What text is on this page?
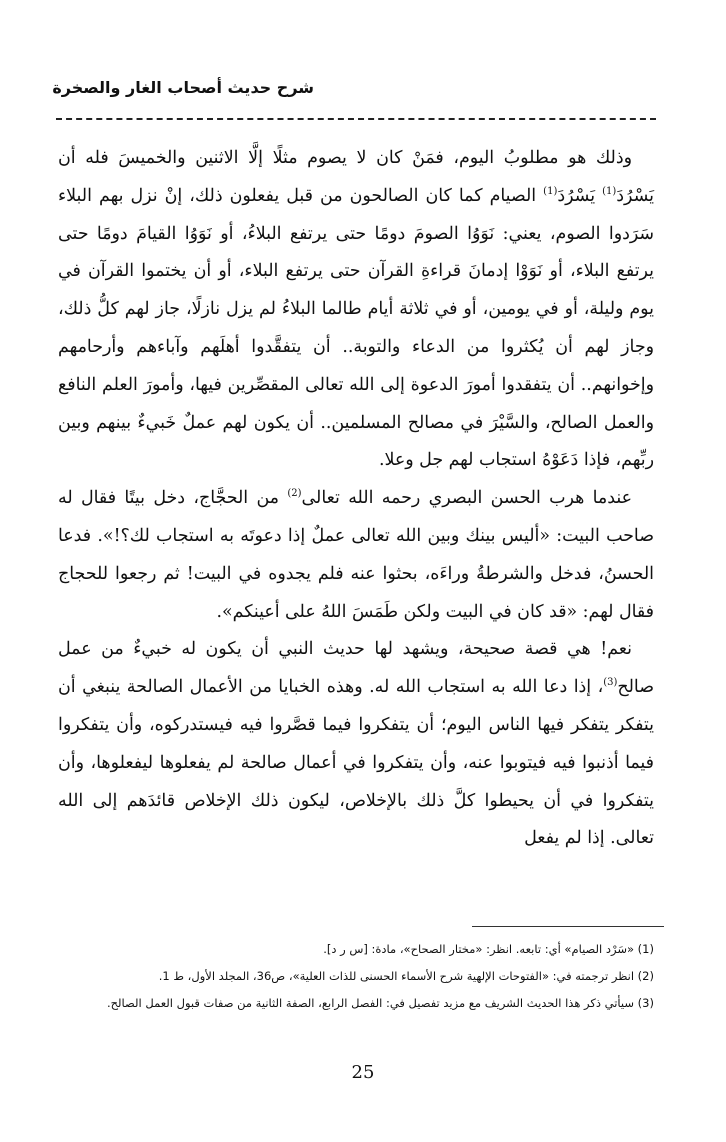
شرح حديث أصحاب الغار والصخرة

وذلك هو مطلوبُ اليوم، فمَنْ كان لا يصوم مثلًا إلَّا الاثنين والخميسَ فله أن يَسْرُدَ$^{(1)}$ يَسْرُدَ$^{(1)}$ الصيام كما كان الصالحون من قبل يفعلون ذلك، إنْ نزل بهم البلاء سَرَدوا الصوم، يعني: نَوَوُا الصومَ دومًا حتى يرتفع البلاءُ، أو نَوَوُا القيامَ دومًا حتى يرتفع البلاء، أو نَوَوْا إدمانَ قراءةِ القرآن حتى يرتفع البلاء، أو أن يختموا القرآن في يوم وليلة، أو في يومين، أو في ثلاثة أيام طالما البلاءُ لم يزل نازلًا، جاز لهم كلُّ ذلك، وجاز لهم أن يُكثروا من الدعاء والتوبة.. أن يتفقَّدوا أهلَهم وآباءهم وأرحامهم وإخوانهم.. أن يتفقدوا أمورَ الدعوة إلى الله تعالى المقصِّرين فيها، وأمورَ العلم النافع والعمل الصالح، والسَّيْرَ في مصالح المسلمين.. أن يكون لهم عملٌ خَبيءٌ بينهم وبين ربِّهم، فإذا دَعَوْهُ استجاب لهم جل وعلا.

عندما هرب الحسن البصري رحمه الله تعالى$^{(2)}$ من الحجَّاج، دخل بيتًا فقال له صاحب البيت: «أليس بينك وبين الله تعالى عملٌ إذا دعوتَه به استجاب لك؟!». فدعا الحسنُ، فدخل والشرطةُ وراءَه، بحثوا عنه فلم يجدوه في البيت! ثم رجعوا للحجاج فقال لهم: «قد كان في البيت ولكن طَمَسَ اللهُ على أعينكم».

نعم! هي قصة صحيحة، ويشهد لها حديث النبي أن يكون له خبيءٌ من عمل صالح$^{(3)}$، إذا دعا الله به استجاب الله له. وهذه الخبايا من الأعمال الصالحة ينبغي أن يتفكر يتفكر فيها الناس اليوم؛ أن يتفكروا فيما قصَّروا فيه فيستدركوه، وأن يتفكروا فيما أذنبوا فيه فيتوبوا عنه، وأن يتفكروا في أعمال صالحة لم يفعلوها ليفعلوها، وأن يتفكروا في أن يحيطوا كلَّ ذلك بالإخلاص، ليكون ذلك الإخلاص قائدَهم إلى الله تعالى. إذا لم يفعل

(1) «سَرْد الصيام» أي: تابعه. انظر: «مختار الصحاح»، مادة: [س ر د].
(2) انظر ترجمته في: «الفتوحات الإلهية شرح الأسماء الحسنى للذات العلية»، ص36، المجلد الأول، ط 1.
(3) سيأتي ذكر هذا الحديث الشريف مع مزيد تفصيل في: الفصل الرابع، الصفة الثانية من صفات قبول العمل الصالح.
25
